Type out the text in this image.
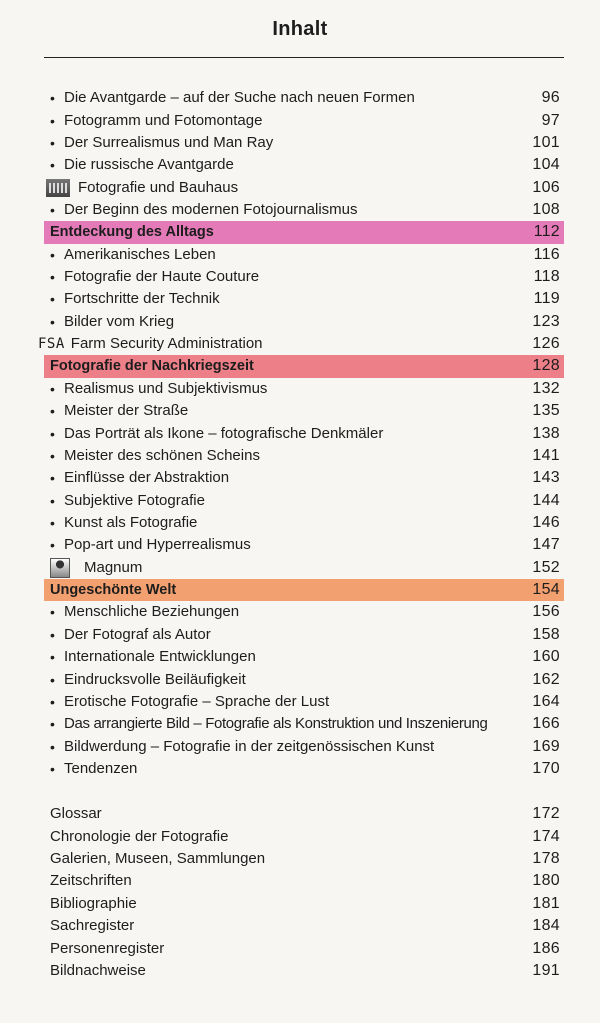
Inhalt
• Die Avantgarde – auf der Suche nach neuen Formen	96
• Fotogramm und Fotomontage	97
• Der Surrealismus und Man Ray	101
• Die russische Avantgarde	104
Fotografie und Bauhaus	106
• Der Beginn des modernen Fotojournalismus	108
Entdeckung des Alltags	112
• Amerikanisches Leben	116
• Fotografie der Haute Couture	118
• Fortschritte der Technik	119
• Bilder vom Krieg	123
FSA Farm Security Administration	126
Fotografie der Nachkriegszeit	128
• Realismus und Subjektivismus	132
• Meister der Straße	135
• Das Porträt als Ikone – fotografische Denkmäler	138
• Meister des schönen Scheins	141
• Einflüsse der Abstraktion	143
• Subjektive Fotografie	144
• Kunst als Fotografie	146
• Pop-art und Hyperrealismus	147
Magnum	152
Ungeschönte Welt	154
• Menschliche Beziehungen	156
• Der Fotograf als Autor	158
• Internationale Entwicklungen	160
• Eindrucksvolle Beiläufigkeit	162
• Erotische Fotografie – Sprache der Lust	164
• Das arrangierte Bild – Fotografie als Konstruktion und Inszenierung	166
• Bildwerdung – Fotografie in der zeitgenössischen Kunst	169
• Tendenzen	170
Glossar	172
Chronologie der Fotografie	174
Galerien, Museen, Sammlungen	178
Zeitschriften	180
Bibliographie	181
Sachregister	184
Personenregister	186
Bildnachweise	191
